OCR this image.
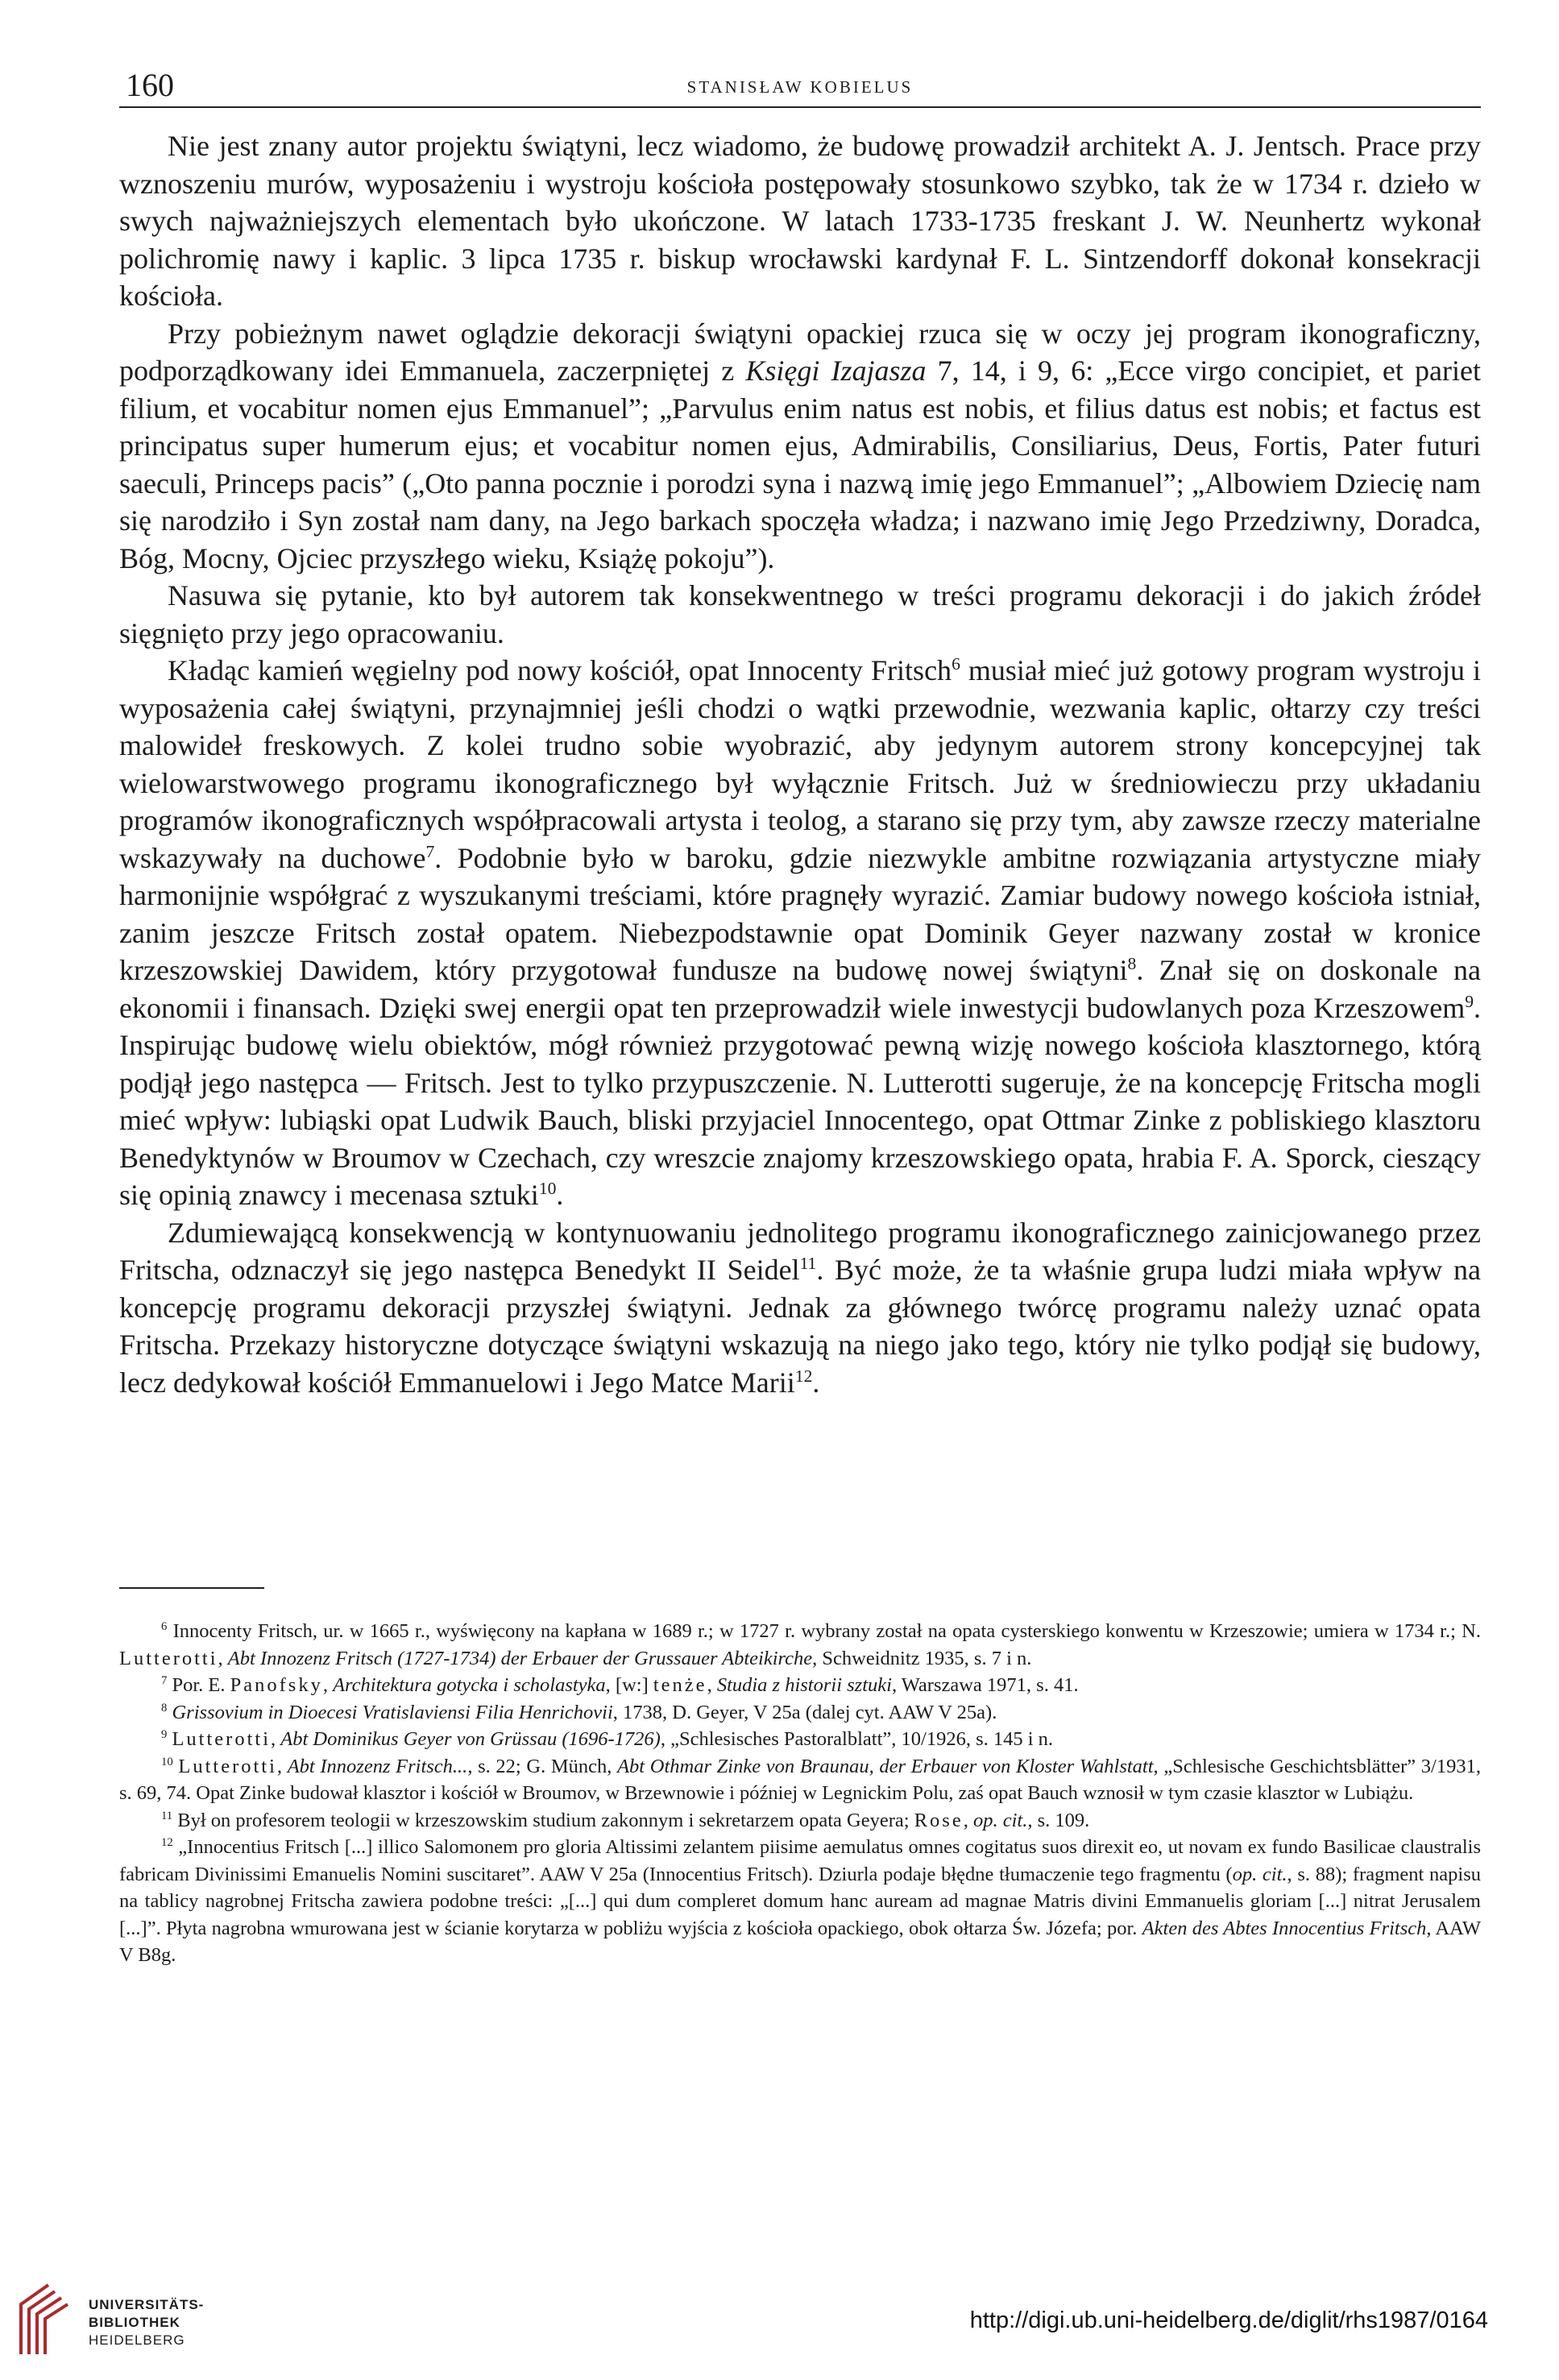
160	STANISŁAW KOBIELUS

Nie jest znany autor projektu świątyni, lecz wiadomo, że budowę prowadził architekt A. J. Jentsch. Prace przy wznoszeniu murów, wyposażeniu i wystroju kościoła postępowały stosunkowo szybko, tak że w 1734 r. dzieło w swych najważniejszych elementach było ukończone. W latach 1733-1735 freskant J. W. Neunhertz wykonał polichromię nawy i kaplic. 3 lipca 1735 r. biskup wrocławski kardynał F. L. Sintzendorff dokonał konsekracji kościoła.

Przy pobieżnym nawet oglądzie dekoracji świątyni opackiej rzuca się w oczy jej program ikonograficzny, podporządkowany idei Emmanuela, zaczerpniętej z Księgi Izajasza 7, 14, i 9, 6: „Ecce virgo concipiet, et pariet filium, et vocabitur nomen ejus Emmanuel”; „Parvulus enim natus est nobis, et filius datus est nobis; et factus est principatus super humerum ejus; et vocabitur nomen ejus, Admirabilis, Consiliarius, Deus, Fortis, Pater futuri saeculi, Princeps pacis” („Oto panna pocznie i porodzi syna i nazwą imię jego Emmanuel”; „Albowiem Dziecię nam się narodziło i Syn został nam dany, na Jego barkach spoczęła władza; i nazwano imię Jego Przedziwny, Doradca, Bóg, Mocny, Ojciec przyszłego wieku, Książę pokoju”).

Nasuwa się pytanie, kto był autorem tak konsekwentnego w treści programu dekoracji i do jakich źródeł sięgnięto przy jego opracowaniu.

Kładąc kamień węgielny pod nowy kościół, opat Innocenty Fritsch$^6$ musiał mieć już gotowy program wystroju i wyposażenia całej świątyni, przynajmniej jeśli chodzi o wątki przewodnie, wezwania kaplic, ołtarzy czy treści malowideł freskowych. Z kolei trudno sobie wyobrazić, aby jedynym autorem strony koncepcyjnej tak wielowarstwowego programu ikonograficznego był wyłącznie Fritsch. Już w średniowieczu przy układaniu programów ikonograficznych współpracowali artysta i teolog, a starano się przy tym, aby zawsze rzeczy materialne wskazywały na duchowe$^7$. Podobnie było w baroku, gdzie niezwykle ambitne rozwiązania artystyczne miały harmonijnie współgrać z wyszukanymi treściami, które pragnęły wyrazić. Zamiar budowy nowego kościoła istniał, zanim jeszcze Fritsch został opatem. Niebezpodstawnie opat Dominik Geyer nazwany został w kronice krzeszowskiej Dawidem, który przygotował fundusze na budowę nowej świątyni$^8$. Znał się on doskonale na ekonomii i finansach. Dzięki swej energii opat ten przeprowadził wiele inwestycji budowlanych poza Krzeszowem$^9$. Inspirując budowę wielu obiektów, mógł również przygotować pewną wizję nowego kościoła klasztornego, którą podjął jego następca — Fritsch. Jest to tylko przypuszczenie. N. Lutterotti sugeruje, że na koncepcję Fritscha mogli mieć wpływ: lubiąski opat Ludwik Bauch, bliski przyjaciel Innocentego, opat Ottmar Zinke z pobliskiego klasztoru Benedyktynów w Broumov w Czechach, czy wreszcie znajomy krzeszowskiego opata, hrabia F. A. Sporck, cieszący się opinią znawcy i mecenasa sztuki$^{10}$.

Zdumiewającą konsekwencją w kontynuowaniu jednolitego programu ikonograficznego zainicjowanego przez Fritscha, odznaczył się jego następca Benedykt II Seidel$^{11}$. Być może, że ta właśnie grupa ludzi miała wpływ na koncepcję programu dekoracji przyszłej świątyni. Jednak za głównego twórcę programu należy uznać opata Fritscha. Przekazy historyczne dotyczące świątyni wskazują na niego jako tego, który nie tylko podjął się budowy, lecz dedykował kościół Emmanuelowi i Jego Matce Marii$^{12}$.

$^6$ Innocenty Fritsch, ur. w 1665 r., wyświęcony na kapłana w 1689 r.; w 1727 r. wybrany został na opata cysterskiego konwentu w Krzeszowie; umiera w 1734 r.; N. Lutterotti, Abt Innozenz Fritsch (1727-1734) der Erbauer der Grussauer Abteikirche, Schweidnitz 1935, s. 7 i n.

$^7$ Por. E. Panofsky, Architektura gotycka i scholastyka, [w:] tenże, Studia z historii sztuki, Warszawa 1971, s. 41.

$^8$ Grissovium in Dioecesi Vratislaviensi Filia Henrichovii, 1738, D. Geyer, V 25a (dalej cyt. AAW V 25a).

$^9$ Lutterotti, Abt Dominikus Geyer von Grüssau (1696-1726), „Schlesisches Pastoralblatt”, 10/1926, s. 145 i n.

$^{10}$ Lutterotti, Abt Innozenz Fritsch..., s. 22; G. Münch, Abt Othmar Zinke von Braunau, der Erbauer von Kloster Wahlstatt, „Schlesische Geschichtsblätter” 3/1931, s. 69, 74. Opat Zinke budował klasztor i kościół w Broumov, w Brzewnowie i później w Legnickim Polu, zaś opat Bauch wznosił w tym czasie klasztor w Lubiążu.

$^{11}$ Był on profesorem teologii w krzeszowskim studium zakonnym i sekretarzem opata Geyera; Rose, op. cit., s. 109.

$^{12}$ „Innocentius Fritsch [...] illico Salomonem pro gloria Altissimi zelantem piisime aemulatus omnes cogitatus suos direxit eo, ut novam ex fundo Basilicae claustralis fabricam Divinissimi Emanuelis Nomini suscitaret”. AAW V 25a (Innocentius Fritsch). Dziurla podaje błędne tłumaczenie tego fragmentu (op. cit., s. 88); fragment napisu na tablicy nagrobnej Fritscha zawiera podobne treści: „[...] qui dum compleret domum hanc auream ad magnae Matris divini Emmanuelis gloriam [...] nitrat Jerusalem [...]”. Płyta nagrobna wmurowana jest w ścianie korytarza w pobliżu wyjścia z kościoła opackiego, obok ołtarza Św. Józefa; por. Akten des Abtes Innocentius Fritsch, AAW V B8g.

UNIVERSITÄTS-
BIBLIOTHEK
HEIDELBERG
http://digi.ub.uni-heidelberg.de/diglit/rhs1987/0164
